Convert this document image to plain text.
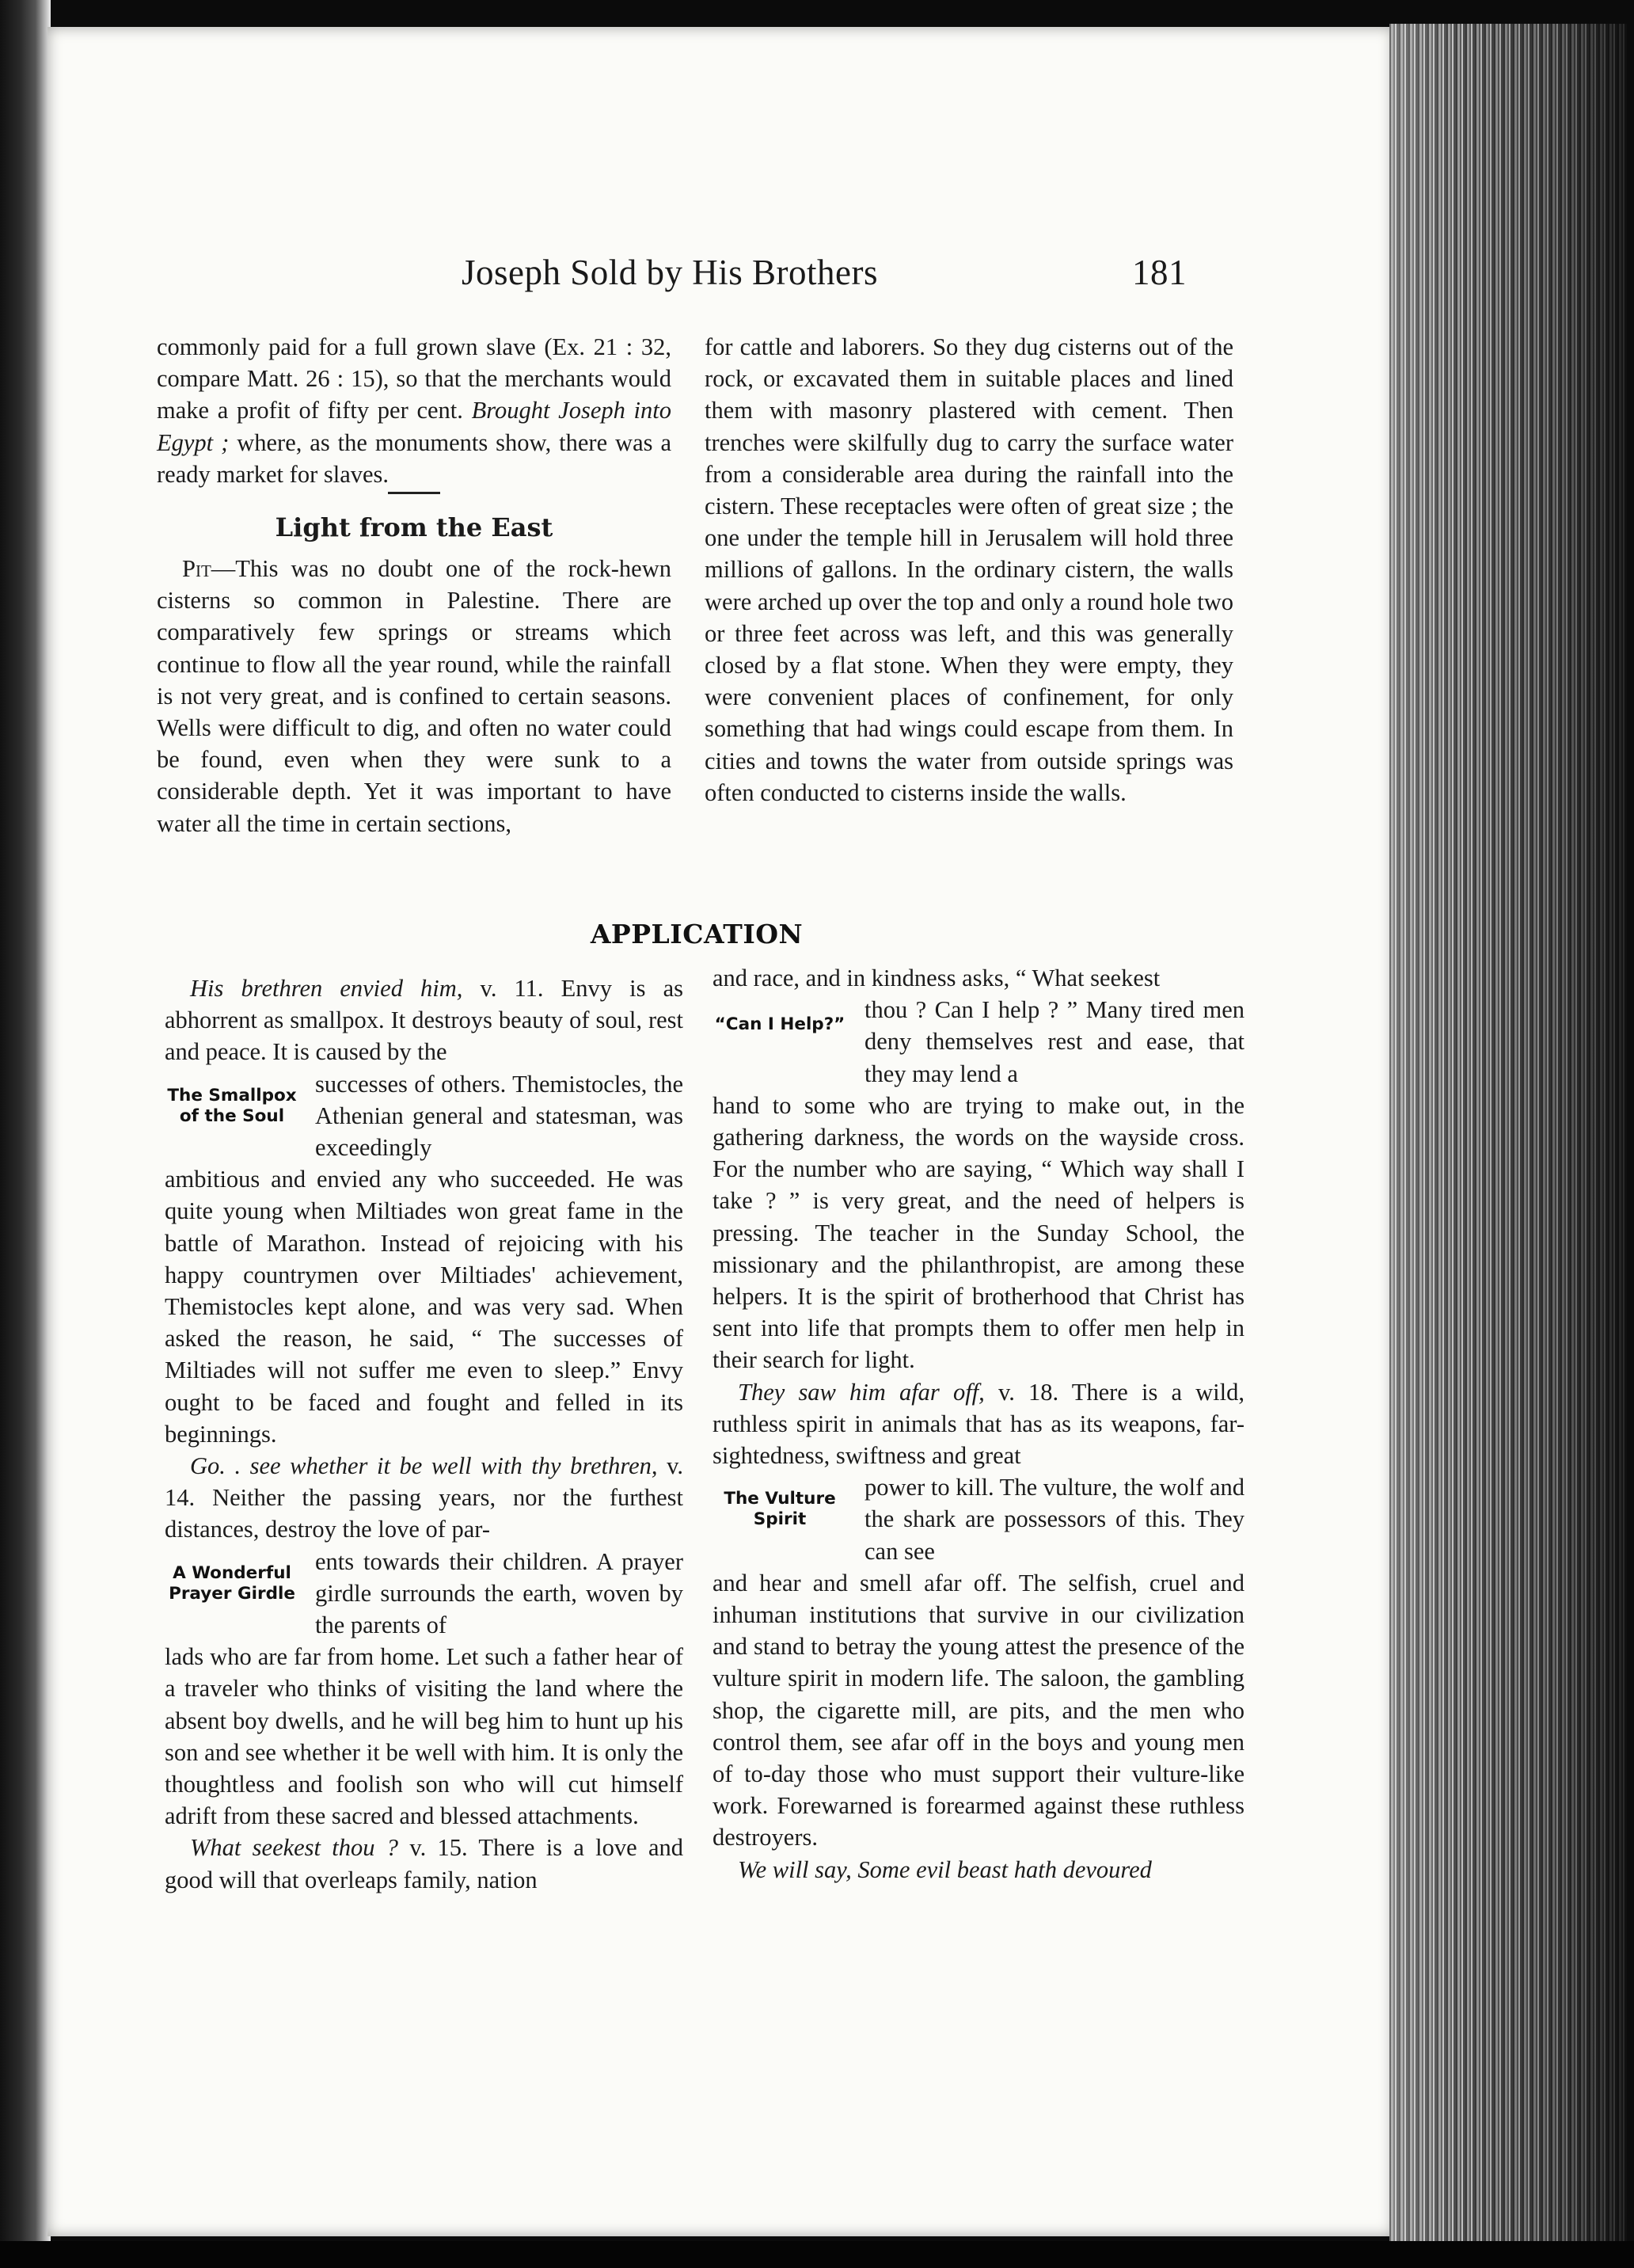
Joseph Sold by His Brothers	181

commonly paid for a full grown slave (Ex. 21 : 32, compare Matt. 26 : 15), so that the merchants would make a profit of fifty per cent. Brought Joseph into Egypt ; where, as the monuments show, there was a ready market for slaves.

Light from the East

Pit—This was no doubt one of the rock-hewn cisterns so common in Palestine. There are comparatively few springs or streams which continue to flow all the year round, while the rainfall is not very great, and is confined to certain seasons. Wells were difficult to dig, and often no water could be found, even when they were sunk to a considerable depth. Yet it was important to have water all the time in certain sections,

for cattle and laborers. So they dug cisterns out of the rock, or excavated them in suitable places and lined them with masonry plastered with cement. Then trenches were skilfully dug to carry the surface water from a considerable area during the rainfall into the cistern. These receptacles were often of great size ; the one under the temple hill in Jerusalem will hold three millions of gallons. In the ordinary cistern, the walls were arched up over the top and only a round hole two or three feet across was left, and this was generally closed by a flat stone. When they were empty, they were convenient places of confinement, for only something that had wings could escape from them. In cities and towns the water from outside springs was often conducted to cisterns inside the walls.

APPLICATION

His brethren envied him, v. 11. Envy is as abhorrent as smallpox. It destroys beauty of soul, rest and peace. It is caused by the

The Smallpox
of the Soul
successes of others. Themistocles, the Athenian general and statesman, was exceedingly

ambitious and envied any who succeeded. He was quite young when Miltiades won great fame in the battle of Marathon. Instead of rejoicing with his happy countrymen over Miltiades' achievement, Themistocles kept alone, and was very sad. When asked the reason, he said, “ The successes of Miltiades will not suffer me even to sleep.” Envy ought to be faced and fought and felled in its beginnings.

Go. . see whether it be well with thy brethren, v. 14. Neither the passing years, nor the furthest distances, destroy the love of par-

A Wonderful
Prayer Girdle
ents towards their children. A prayer girdle surrounds the earth, woven by the parents of

lads who are far from home. Let such a father hear of a traveler who thinks of visiting the land where the absent boy dwells, and he will beg him to hunt up his son and see whether it be well with him. It is only the thoughtless and foolish son who will cut himself adrift from these sacred and blessed attachments.

What seekest thou ? v. 15. There is a love and good will that overleaps family, nation

and race, and in kindness asks, “ What seekest

“Can I Help?”
thou ? Can I help ? ” Many tired men deny themselves rest and ease, that they may lend a

hand to some who are trying to make out, in the gathering darkness, the words on the wayside cross. For the number who are saying, “ Which way shall I take ? ” is very great, and the need of helpers is pressing. The teacher in the Sunday School, the missionary and the philanthropist, are among these helpers. It is the spirit of brotherhood that Christ has sent into life that prompts them to offer men help in their search for light.

They saw him afar off, v. 18. There is a wild, ruthless spirit in animals that has as its weapons, far-sightedness, swiftness and great

The Vulture
Spirit
power to kill. The vulture, the wolf and the shark are possessors of this. They can see

and hear and smell afar off. The selfish, cruel and inhuman institutions that survive in our civilization and stand to betray the young attest the presence of the vulture spirit in modern life. The saloon, the gambling shop, the cigarette mill, are pits, and the men who control them, see afar off in the boys and young men of to-day those who must support their vulture-like work. Forewarned is forearmed against these ruthless destroyers.

We will say, Some evil beast hath devoured
